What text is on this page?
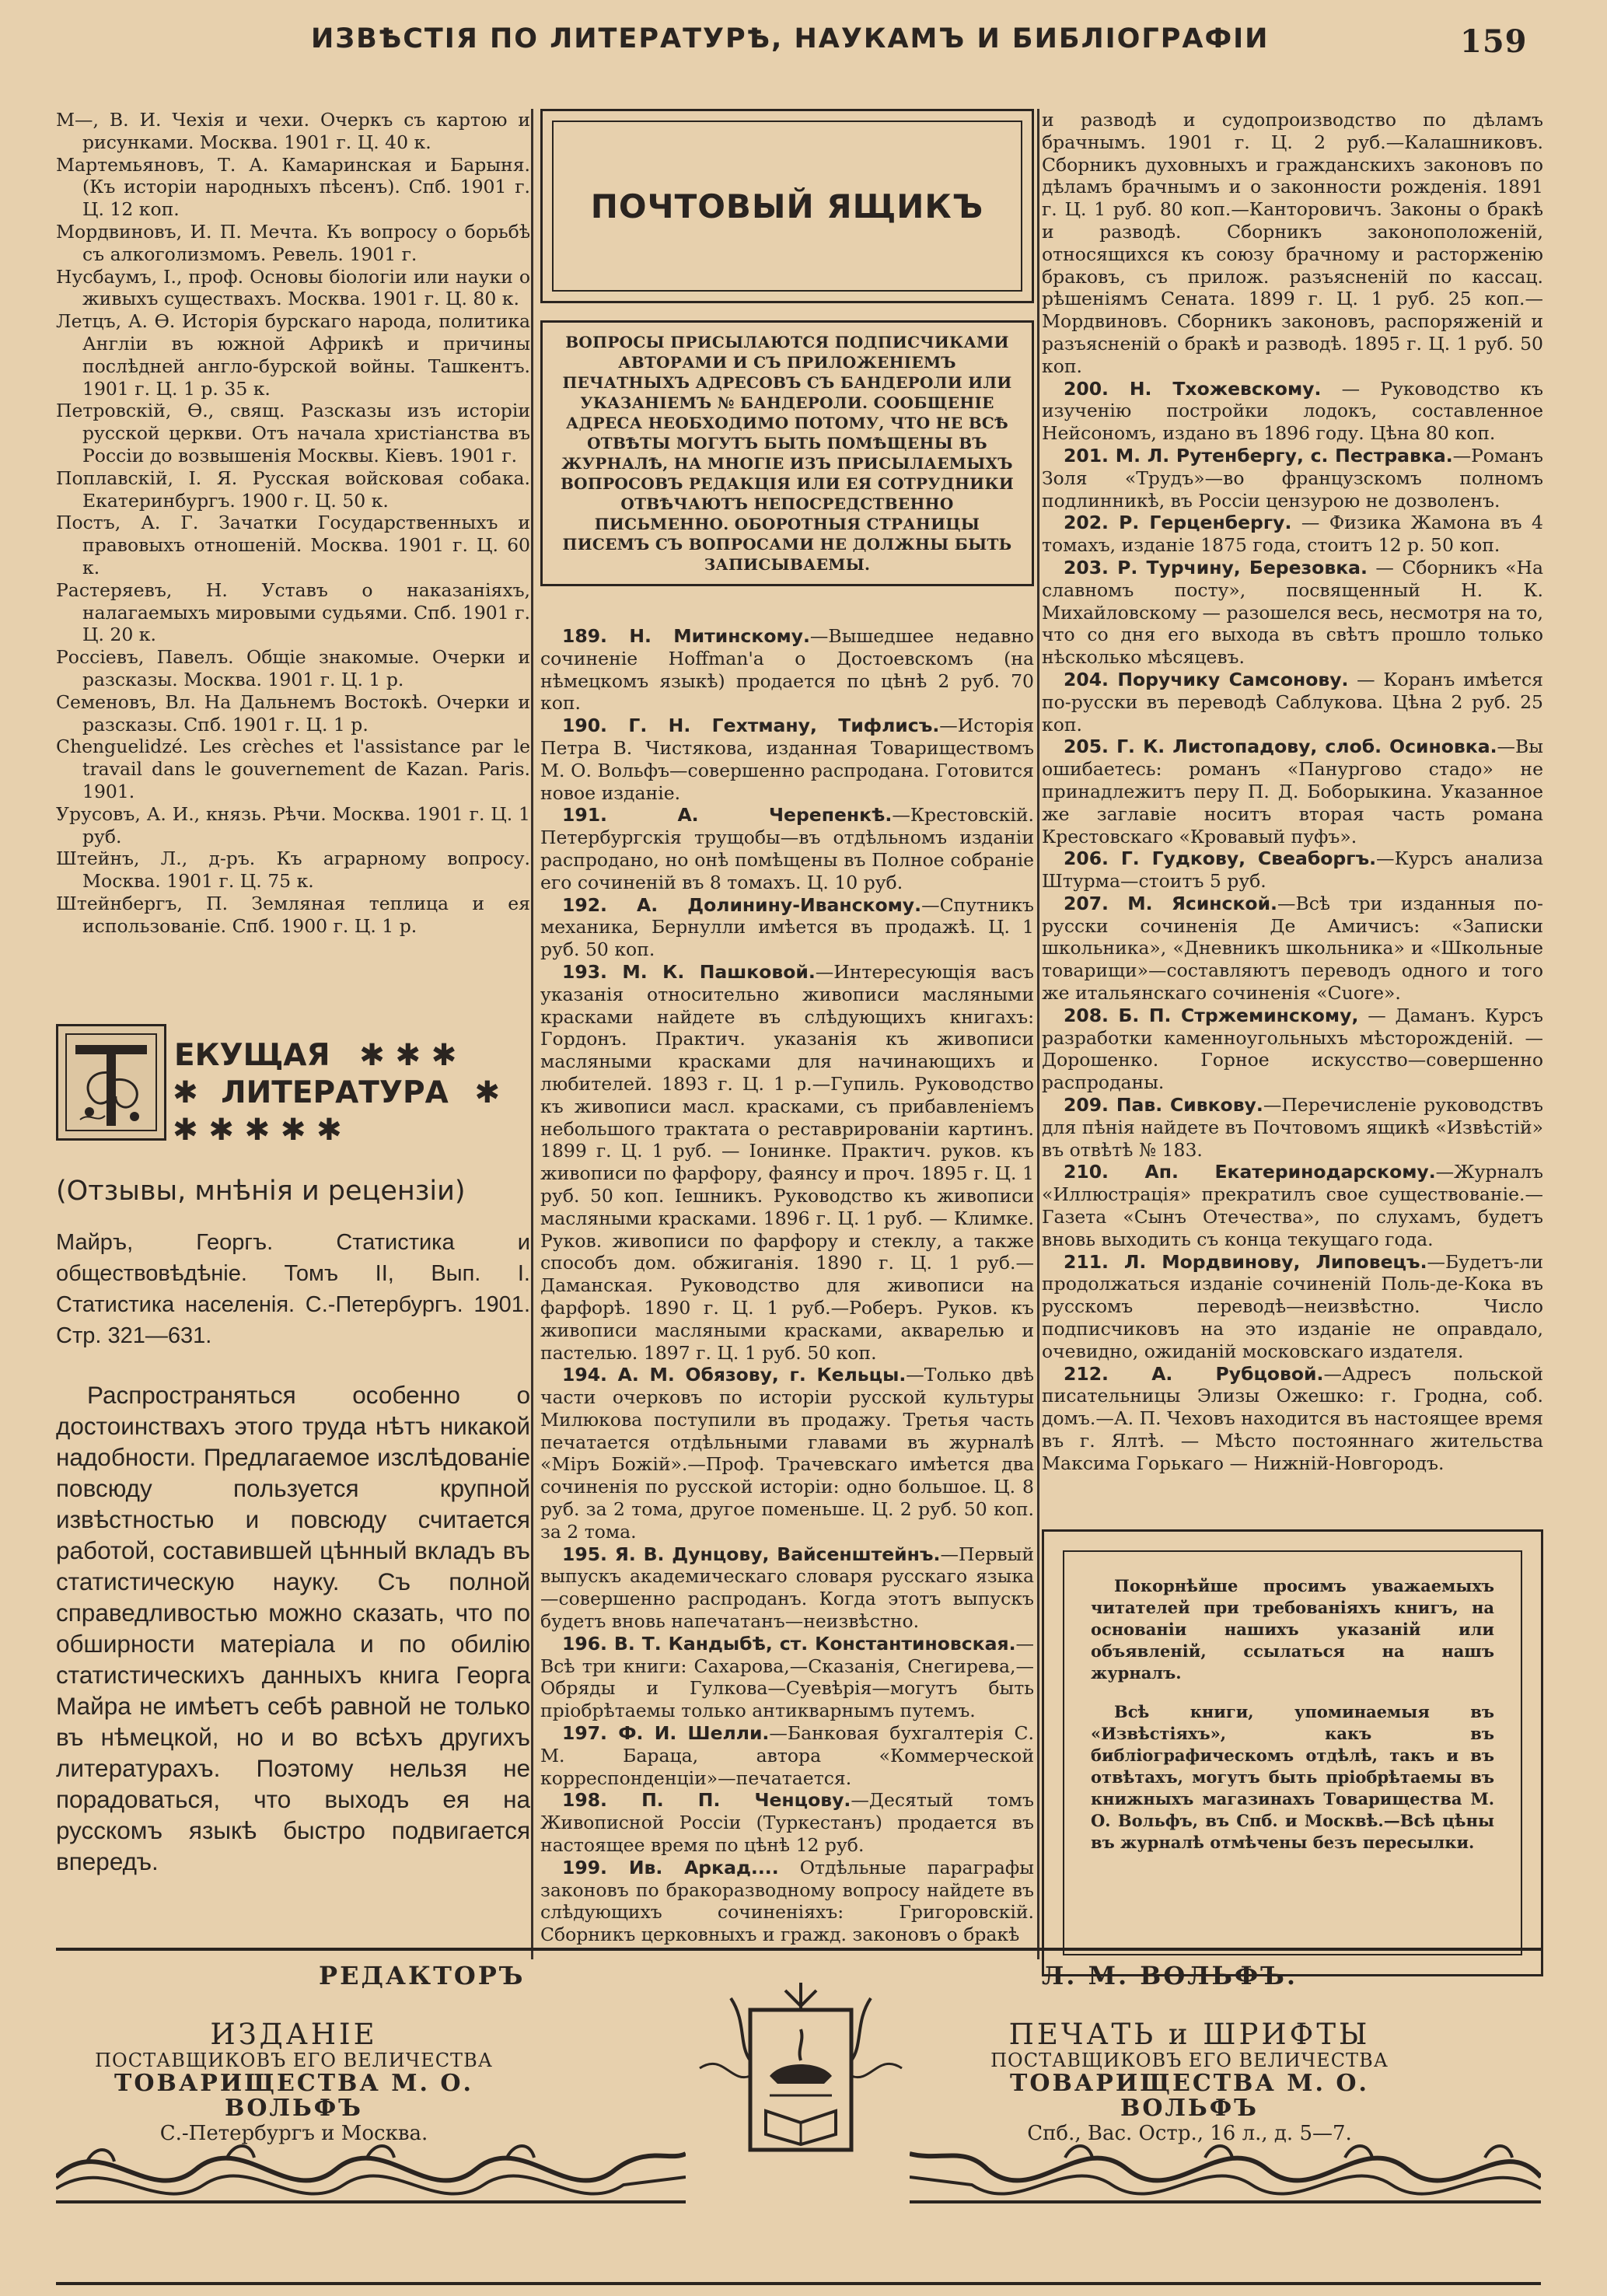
ИЗВѢСТІЯ ПО ЛИТЕРАТУРѢ, НАУКАМЪ И БИБЛІОГРАФІИ	159

М—, В. И. Чехія и чехи. Очеркъ съ картою и рисунками. Москва. 1901 г. Ц. 40 к.

Мартемьяновъ, Т. А. Камаринская и Барыня. (Къ исторіи народныхъ пѣсенъ). Спб. 1901 г. Ц. 12 коп.

Мордвиновъ, И. П. Мечта. Къ вопросу о борьбѣ съ алкоголизмомъ. Ревель. 1901 г.

Нусбаумъ, І., проф. Основы біологіи или науки о живыхъ существахъ. Москва. 1901 г. Ц. 80 к.

Летцъ, А. Ѳ. Исторія бурскаго народа, политика Англіи въ южной Африкѣ и причины послѣдней англо-бурской войны. Ташкентъ. 1901 г. Ц. 1 р. 35 к.

Петровскій, Ѳ., свящ. Разсказы изъ исторіи русской церкви. Отъ начала христіанства въ Россіи до возвышенія Москвы. Кіевъ. 1901 г.

Поплавскій, І. Я. Русская войсковая собака. Екатеринбургъ. 1900 г. Ц. 50 к.

Постъ, А. Г. Зачатки Государственныхъ и правовыхъ отношеній. Москва. 1901 г. Ц. 60 к.

Растеряевъ, Н. Уставъ о наказаніяхъ, налагаемыхъ мировыми судьями. Спб. 1901 г. Ц. 20 к.

Россіевъ, Павелъ. Общіе знакомые. Очерки и разсказы. Москва. 1901 г. Ц. 1 р.

Семеновъ, Вл. На Дальнемъ Востокѣ. Очерки и разсказы. Спб. 1901 г. Ц. 1 р.

Chenguelidzé. Les crèches et l'assistance par le travail dans le gouvernement de Kazan. Paris. 1901.

Урусовъ, А. И., князь. Рѣчи. Москва. 1901 г. Ц. 1 руб.

Штейнъ, Л., д-ръ. Къ аграрному вопросу. Москва. 1901 г. Ц. 75 к.

Штейнбергъ, П. Земляная теплица и ея использованіе. Спб. 1900 г. Ц. 1 р.

ЕКУЩАЯ ✱ ✱ ✱
✱ ЛИТЕРАТУРА ✱
✱ ✱ ✱ ✱ ✱
(Отзывы, мнѣнія и рецензіи)
Майръ, Георгъ. Статистика и обществовѣдѣніе. Томъ II, Вып. I. Статистика населенія. С.-Петербургъ. 1901. Стр. 321—631.

Распространяться особенно о достоинствахъ этого труда нѣтъ никакой надобности. Предлагаемое изслѣдованіе повсюду пользуется крупной извѣстностью и повсюду считается работой, составившей цѣнный вкладъ въ статистическую науку. Съ полной справедливостью можно сказать, что по обширности матеріала и по обилію статистическихъ данныхъ книга Георга Майра не имѣетъ себѣ равной не только въ нѣмецкой, но и во всѣхъ другихъ литературахъ. Поэтому нельзя не порадоваться, что выходъ ея на русскомъ языкѣ быстро подвигается впередъ.

ПОЧТОВЫЙ ЯЩИКЪ
ВОПРОСЫ ПРИСЫЛАЮТСЯ ПОДПИСЧИКАМИ АВТОРАМИ И СЪ ПРИЛОЖЕНІЕМЪ ПЕЧАТНЫХЪ АДРЕСОВЪ СЪ БАНДЕРОЛИ ИЛИ УКАЗАНІЕМЪ № БАНДЕРОЛИ. СООБЩЕНІЕ АДРЕСА НЕОБХОДИМО ПОТОМУ, ЧТО НЕ ВСѢ ОТВѢТЫ МОГУТЪ БЫТЬ ПОМѢЩЕНЫ ВЪ ЖУРНАЛѢ, НА МНОГІЕ ИЗЪ ПРИСЫЛАЕМЫХЪ ВОПРОСОВЪ РЕДАКЦІЯ ИЛИ ЕЯ СОТРУДНИКИ ОТВѢЧАЮТЪ НЕПОСРЕДСТВЕННО ПИСЬМЕННО. ОБОРОТНЫЯ СТРАНИЦЫ ПИСЕМЪ СЪ ВОПРОСАМИ НЕ ДОЛЖНЫ БЫТЬ ЗАПИСЫВАЕМЫ.

189. Н. Митинскому.—Вышедшее недавно сочиненіе Hoffman'а о Достоевскомъ (на нѣмецкомъ языкѣ) продается по цѣнѣ 2 руб. 70 коп.

190. Г. Н. Гехтману, Тифлисъ.—Исторія Петра В. Чистякова, изданная Товариществомъ М. О. Вольфъ—совершенно распродана. Готовится новое изданіе.

191. А. Черепенкѣ.—Крестовскій. Петербургскія трущобы—въ отдѣльномъ изданіи распродано, но онѣ помѣщены въ Полное собраніе его сочиненій въ 8 томахъ. Ц. 10 руб.

192. А. Долинину-Иванскому.—Спутникъ механика, Бернулли имѣется въ продажѣ. Ц. 1 руб. 50 коп.

193. М. К. Пашковой.—Интересующія васъ указанія относительно живописи масляными красками найдете въ слѣдующихъ книгахъ: Гордонъ. Практич. указанія къ живописи масляными красками для начинающихъ и любителей. 1893 г. Ц. 1 р.—Гупиль. Руководство къ живописи масл. красками, съ прибавленіемъ небольшого трактата о реставрированіи картинъ. 1899 г. Ц. 1 руб. — Іонинке. Практич. руков. къ живописи по фарфору, фаянсу и проч. 1895 г. Ц. 1 руб. 50 коп. Іешникъ. Руководство къ живописи масляными красками. 1896 г. Ц. 1 руб. — Климке. Руков. живописи по фарфору и стеклу, а также способъ дом. обжиганія. 1890 г. Ц. 1 руб.—Даманская. Руководство для живописи на фарфорѣ. 1890 г. Ц. 1 руб.—Роберъ. Руков. къ живописи масляными красками, акварелью и пастелью. 1897 г. Ц. 1 руб. 50 коп.

194. А. М. Обязову, г. Кельцы.—Только двѣ части очерковъ по исторіи русской культуры Милюкова поступили въ продажу. Третья часть печатается отдѣльными главами въ журналѣ «Міръ Божій».—Проф. Трачевскаго имѣется два сочиненія по русской исторіи: одно большое. Ц. 8 руб. за 2 тома, другое поменьше. Ц. 2 руб. 50 коп. за 2 тома.

195. Я. В. Дунцову, Вайсенштейнъ.—Первый выпускъ академическаго словаря русскаго языка—совершенно распроданъ. Когда этотъ выпускъ будетъ вновь напечатанъ—неизвѣстно.

196. В. Т. Кандыбѣ, ст. Константиновская.— Всѣ три книги: Сахарова,—Сказанія, Снегирева,—Обряды и Гулкова—Суевѣрія—могутъ быть пріобрѣтаемы только антикварнымъ путемъ.

197. Ф. И. Шелли.—Банковая бухгалтерія С. М. Бараца, автора «Коммерческой корреспонденціи»—печатается.

198. П. П. Ченцову.—Десятый томъ Живописной Россіи (Туркестанъ) продается въ настоящее время по цѣнѣ 12 руб.

199. Ив. Аркад.... Отдѣльные параграфы законовъ по бракоразводному вопросу найдете въ слѣдующихъ сочиненіяхъ: Григоровскій. Сборникъ церковныхъ и гражд. законовъ о бракѣ

и разводѣ и судопроизводство по дѣламъ брачнымъ. 1901 г. Ц. 2 руб.—Калашниковъ. Сборникъ духовныхъ и гражданскихъ законовъ по дѣламъ брачнымъ и о законности рожденія. 1891 г. Ц. 1 руб. 80 коп.—Канторовичъ. Законы о бракѣ и разводѣ. Сборникъ законоположеній, относящихся къ союзу брачному и расторженію браковъ, съ прилож. разъясненій по кассац. рѣшеніямъ Сената. 1899 г. Ц. 1 руб. 25 коп.—Мордвиновъ. Сборникъ законовъ, распоряженій и разъясненій о бракѣ и разводѣ. 1895 г. Ц. 1 руб. 50 коп.

200. Н. Тхожевскому. — Руководство къ изученію постройки лодокъ, составленное Нейсономъ, издано въ 1896 году. Цѣна 80 коп.

201. М. Л. Рутенбергу, с. Пестравка.—Романъ Золя «Трудъ»—во французскомъ полномъ подлинникѣ, въ Россіи цензурою не дозволенъ.

202. Р. Герценбергу. — Физика Жамона въ 4 томахъ, изданіе 1875 года, стоитъ 12 р. 50 коп.

203. Р. Турчину, Березовка. — Сборникъ «На славномъ посту», посвященный Н. К. Михайловскому — разошелся весь, несмотря на то, что со дня его выхода въ свѣтъ прошло только нѣсколько мѣсяцевъ.

204. Поручику Самсонову. — Коранъ имѣется по-русски въ переводѣ Саблукова. Цѣна 2 руб. 25 коп.

205. Г. К. Листопадову, слоб. Осиновка.—Вы ошибаетесь: романъ «Панургово стадо» не принадлежитъ перу П. Д. Боборыкина. Указанное же заглавіе носитъ вторая часть романа Крестовскаго «Кровавый пуфъ».

206. Г. Гудкову, Свеаборгъ.—Курсъ анализа Штурма—стоитъ 5 руб.

207. М. Ясинской.—Всѣ три изданныя по-русски сочиненія Де Амичисъ: «Записки школьника», «Дневникъ школьника» и «Школьные товарищи»—составляютъ переводъ одного и того же итальянскаго сочиненія «Cuore».

208. Б. П. Стржеминскому, — Даманъ. Курсъ разработки каменноугольныхъ мѣсторожденій. — Дорошенко. Горное искусство—совершенно распроданы.

209. Пав. Сивкову.—Перечисленіе руководствъ для пѣнія найдете въ Почтовомъ ящикѣ «Извѣстій» въ отвѣтѣ № 183.

210. Ап. Екатеринодарскому.—Журналъ «Иллюстрація» прекратилъ свое существованіе.—Газета «Сынъ Отечества», по слухамъ, будетъ вновь выходить съ конца текущаго года.

211. Л. Мордвинову, Липовецъ.—Будетъ-ли продолжаться изданіе сочиненій Поль-де-Кока въ русскомъ переводѣ—неизвѣстно. Число подписчиковъ на это изданіе не оправдало, очевидно, ожиданій московскаго издателя.

212. А. Рубцовой.—Адресъ польской писательницы Элизы Ожешко: г. Гродна, соб. домъ.—А. П. Чеховъ находится въ настоящее время въ г. Ялтѣ. — Мѣсто постояннаго жительства Максима Горькаго — Нижній-Новгородъ.

Покорнѣйше просимъ уважаемыхъ читателей при требованіяхъ книгъ, на основаніи нашихъ указаній или объявленій, ссылаться на нашъ журналъ.

Всѣ книги, упоминаемыя въ «Извѣстіяхъ», какъ въ библіографическомъ отдѣлѣ, такъ и въ отвѣтахъ, могутъ быть пріобрѣтаемы въ книжныхъ магазинахъ Товарищества М. О. Вольфъ, въ Спб. и Москвѣ.—Всѣ цѣны въ журналѣ отмѣчены безъ пересылки.

РЕДАКТОРЪ	Л. М. ВОЛЬФЪ.
ИЗДАНІЕ
ПОСТАВЩИКОВЪ ЕГО ВЕЛИЧЕСТВА
ТОВАРИЩЕСТВА М. О. ВОЛЬФЪ
С.-Петербургъ и Москва.
ПЕЧАТЬ и ШРИФТЫ
ПОСТАВЩИКОВЪ ЕГО ВЕЛИЧЕСТВА
ТОВАРИЩЕСТВА М. О. ВОЛЬФЪ
Спб., Вас. Остр., 16 л., д. 5—7.
